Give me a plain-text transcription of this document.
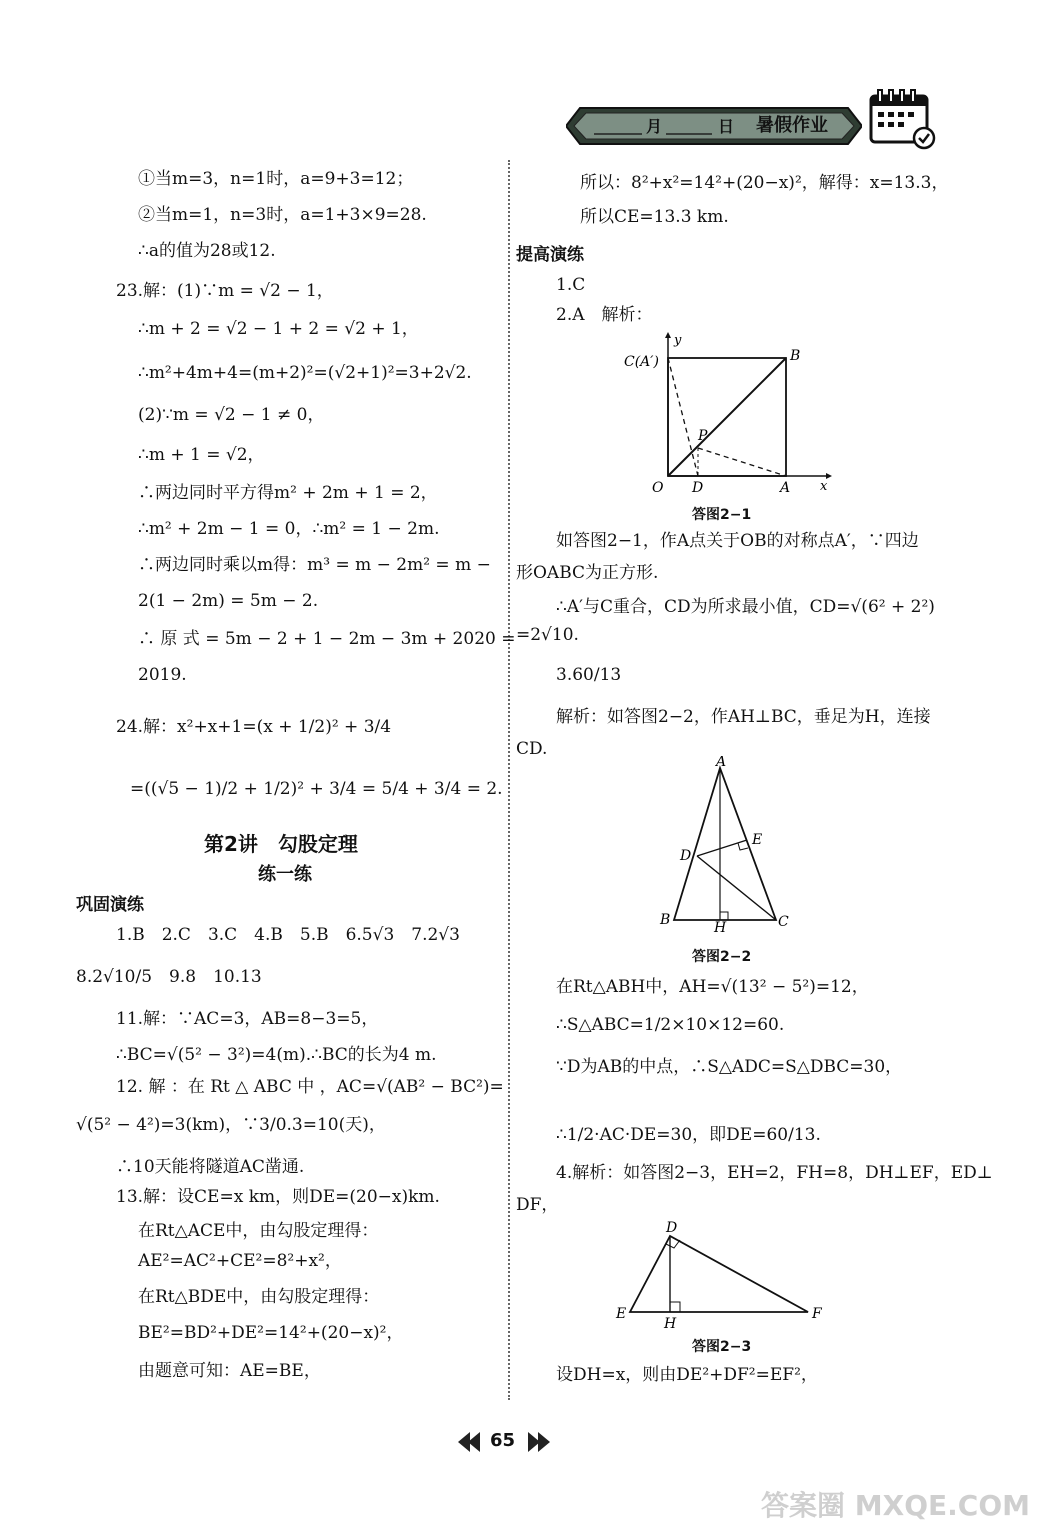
月	日 暑假作业
①当m=3，n=1时，a=9+3=12；
②当m=1，n=3时，a=1+3×9=28.
∴a的值为28或12.
23.解：(1)∵m = √2 − 1，
∴m + 2 = √2 − 1 + 2 = √2 + 1，
∴m²+4m+4=(m+2)²=(√2+1)²=3+2√2.
(2)∵m = √2 − 1 ≠ 0，
∴m + 1 = √2，
∴两边同时平方得m² + 2m + 1 = 2，
∴m² + 2m − 1 = 0，∴m² = 1 − 2m.
∴两边同时乘以m得：m³ = m − 2m² = m −
2(1 − 2m) = 5m − 2.
∴ 原 式 = 5m − 2 + 1 − 2m − 3m + 2020 =
2019.
24.解：x²+x+1=(x + 1/2)² + 3/4
=((√5 − 1)/2 + 1/2)² + 3/4 = 5/4 + 3/4 = 2.
第2讲　勾股定理
练一练
巩固演练
1.B　2.C　3.C　4.B　5.B　6.5√3　7.2√3
8.2√10/5　9.8　10.13
11.解：∵AC=3，AB=8−3=5，
∴BC=√(5² − 3²)=4(m).∴BC的长为4 m.
12. 解 ：在 Rt △ ABC 中 ，AC=√(AB² − BC²)=
√(5² − 4²)=3(km)，∵3/0.3=10(天)，
∴10天能将隧道AC凿通.
13.解：设CE=x km，则DE=(20−x)km.
在Rt△ACE中，由勾股定理得：
AE²=AC²+CE²=8²+x²，
在Rt△BDE中，由勾股定理得：
BE²=BD²+DE²=14²+(20−x)²，
由题意可知：AE=BE，
所以：8²+x²=14²+(20−x)²，解得：x=13.3，
所以CE=13.3 km.
提高演练
1.C
2.A　解析：
y
x
C(A′)	B
P
O D	A
答图2−1
如答图2−1，作A点关于OB的对称点A′，∵四边
形OABC为正方形.
∴A′与C重合，CD为所求最小值，CD=√(6² + 2²)
=2√10.
3.60/13
解析：如答图2−2，作AH⊥BC，垂足为H，连接
CD.
A
E
D
B	H	C
答图2−2
在Rt△ABH中，AH=√(13² − 5²)=12，
∴S△ABC=1/2×10×12=60.
∵D为AB的中点，∴S△ADC=S△DBC=30，
∴1/2·AC·DE=30，即DE=60/13.
4.解析：如答图2−3，EH=2，FH=8，DH⊥EF，ED⊥
DF，
D
E
H
F
答图2−3
设DH=x，则由DE²+DF²=EF²，
65
答案圈 MXQE.COM
